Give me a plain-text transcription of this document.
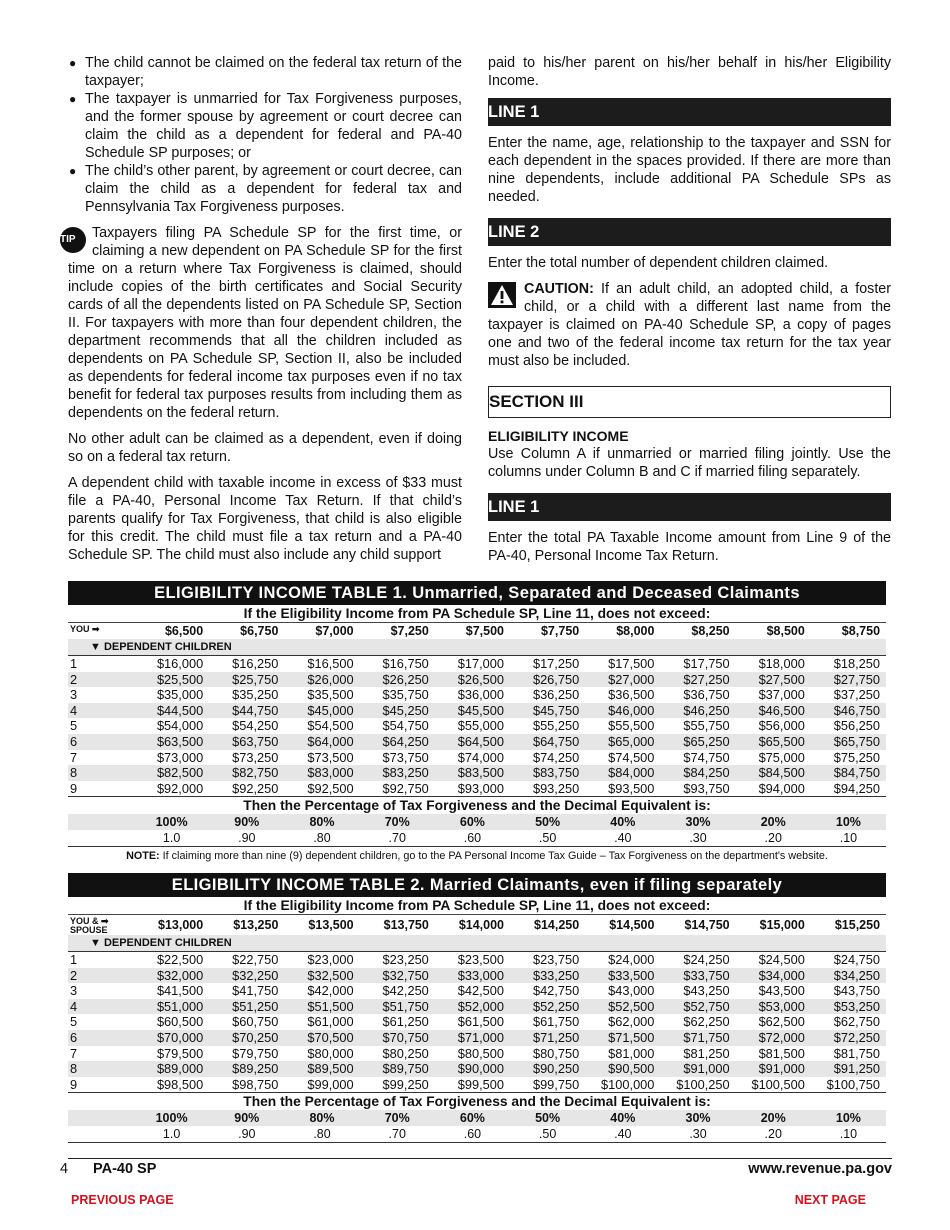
● The child cannot be claimed on the federal tax return of the taxpayer;
● The taxpayer is unmarried for Tax Forgiveness purposes, and the former spouse by agreement or court decree can claim the child as a dependent for federal and PA-40 Schedule SP purposes; or
● The child’s other parent, by agreement or court decree, can claim the child as a dependent for federal tax and Pennsylvania Tax Forgiveness purposes.
TIP	Taxpayers filing PA Schedule SP for the first time, or claiming a new dependent on PA Schedule SP for the first time on a return where Tax Forgiveness is claimed, should include copies of the birth certificates and Social Security cards of all the dependents listed on PA Schedule SP, Section II. For taxpayers with more than four dependent children, the department recommends that all the children included as dependents on PA Schedule SP, Section II, also be included as dependents for federal income tax purposes even if no tax benefit for federal tax purposes results from including them as dependents on the federal return.

No other adult can be claimed as a dependent, even if doing so on a federal tax return.

A dependent child with taxable income in excess of $33 must file a PA-40, Personal Income Tax Return. If that child’s parents qualify for Tax Forgiveness, that child is also eligible for this credit. The child must file a tax return and a PA-40 Schedule SP. The child must also include any child support

paid to his/her parent on his/her behalf in his/her Eligibility Income.

LINE 1

Enter the name, age, relationship to the taxpayer and SSN for each dependent in the spaces provided. If there are more than nine dependents, include additional PA Schedule SPs as needed.

LINE 2

Enter the total number of dependent children claimed.

CAUTION: If an adult child, an adopted child, a foster child, or a child with a different last name from the taxpayer is claimed on PA-40 Schedule SP, a copy of pages one and two of the federal income tax return for the tax year must also be included.

SECTION III
ELIGIBILITY INCOME

Use Column A if unmarried or married filing jointly. Use the columns under Column B and C if married filing separately.

LINE 1

Enter the total PA Taxable Income amount from Line 9 of the PA-40, Personal Income Tax Return.

ELIGIBILITY INCOME TABLE 1. Unmarried, Separated and Deceased Claimants
If the Eligibility Income from PA Schedule SP, Line 11, does not exceed:
YOU ➡	$6,500	$6,750	$7,000	$7,250	$7,500	$7,750	$8,000	$8,250	$8,500	$8,750
▼ DEPENDENT CHILDREN
1	$16,000	$16,250	$16,500	$16,750	$17,000	$17,250	$17,500	$17,750	$18,000	$18,250
2	$25,500	$25,750	$26,000	$26,250	$26,500	$26,750	$27,000	$27,250	$27,500	$27,750
3	$35,000	$35,250	$35,500	$35,750	$36,000	$36,250	$36,500	$36,750	$37,000	$37,250
4	$44,500	$44,750	$45,000	$45,250	$45,500	$45,750	$46,000	$46,250	$46,500	$46,750
5	$54,000	$54,250	$54,500	$54,750	$55,000	$55,250	$55,500	$55,750	$56,000	$56,250
6	$63,500	$63,750	$64,000	$64,250	$64,500	$64,750	$65,000	$65,250	$65,500	$65,750
7	$73,000	$73,250	$73,500	$73,750	$74,000	$74,250	$74,500	$74,750	$75,000	$75,250
8	$82,500	$82,750	$83,000	$83,250	$83,500	$83,750	$84,000	$84,250	$84,500	$84,750
9	$92,000	$92,250	$92,500	$92,750	$93,000	$93,250	$93,500	$93,750	$94,000	$94,250
Then the Percentage of Tax Forgiveness and the Decimal Equivalent is:
100%	90%	80%	70%	60%	50%	40%	30%	20%	10%
1.0	.90	.80	.70	.60	.50	.40	.30	.20	.10
NOTE: If claiming more than nine (9) dependent children, go to the PA Personal Income Tax Guide – Tax Forgiveness on the department's website.
ELIGIBILITY INCOME TABLE 2. Married Claimants, even if filing separately
If the Eligibility Income from PA Schedule SP, Line 11, does not exceed:
YOU & ➡ SPOUSE	$13,000	$13,250	$13,500	$13,750	$14,000	$14,250	$14,500	$14,750	$15,000	$15,250
▼ DEPENDENT CHILDREN
1	$22,500	$22,750	$23,000	$23,250	$23,500	$23,750	$24,000	$24,250	$24,500	$24,750
2	$32,000	$32,250	$32,500	$32,750	$33,000	$33,250	$33,500	$33,750	$34,000	$34,250
3	$41,500	$41,750	$42,000	$42,250	$42,500	$42,750	$43,000	$43,250	$43,500	$43,750
4	$51,000	$51,250	$51,500	$51,750	$52,000	$52,250	$52,500	$52,750	$53,000	$53,250
5	$60,500	$60,750	$61,000	$61,250	$61,500	$61,750	$62,000	$62,250	$62,500	$62,750
6	$70,000	$70,250	$70,500	$70,750	$71,000	$71,250	$71,500	$71,750	$72,000	$72,250
7	$79,500	$79,750	$80,000	$80,250	$80,500	$80,750	$81,000	$81,250	$81,500	$81,750
8	$89,000	$89,250	$89,500	$89,750	$90,000	$90,250	$90,500	$91,000	$91,000	$91,250
9	$98,500	$98,750	$99,000	$99,250	$99,500	$99,750	$100,000	$100,250	$100,500	$100,750
Then the Percentage of Tax Forgiveness and the Decimal Equivalent is:
100%	90%	80%	70%	60%	50%	40%	30%	20%	10%
1.0	.90	.80	.70	.60	.50	.40	.30	.20	.10
4 PA-40 SP	www.revenue.pa.gov
PREVIOUS PAGE	NEXT PAGE
